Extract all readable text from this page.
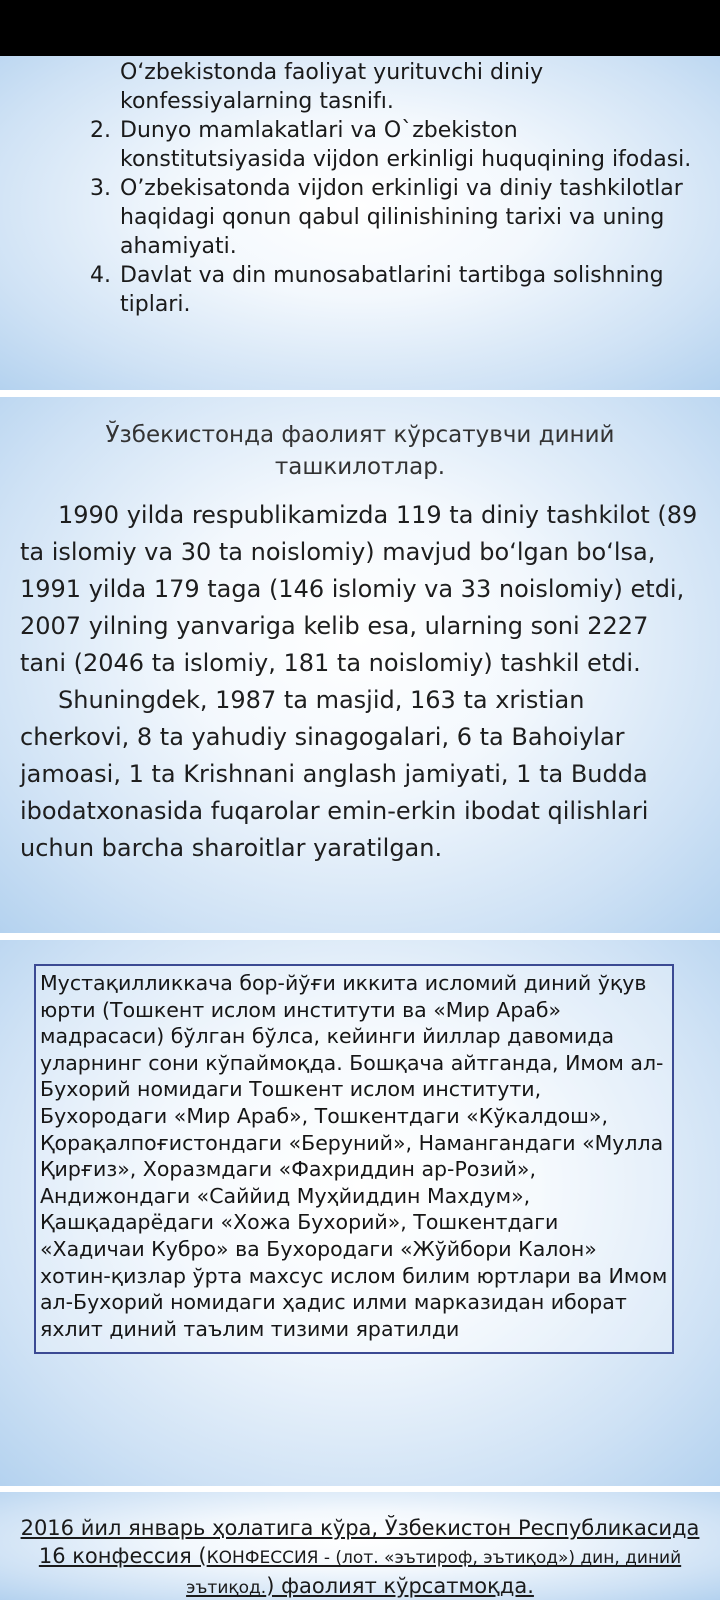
O‘zbekistonda faoliyat yurituvchi diniy konfessiyalarning tasnifı.

2. Dunyo mamlakatlari va O`zbekiston konstitutsiyasida vijdon erkinligi huquqining ifodasi.

3. O’zbekisatonda vijdon erkinligi va diniy tashkilotlar haqidagi qonun qabul qilinishining tarixi va uning ahamiyati.

4. Davlat va din munosabatlarini tartibga solishning tiplari.

Ўзбекистонда фаолият кўрсатувчи диний ташкилотлар.

1990 yilda respublikamizda 119 ta diniy tashkilot (89 ta islomiy va 30 ta noislomiy) mavjud bo‘lgan bo‘lsa, 1991 yilda 179 taga (146 islomiy va 33 noislomiy) etdi, 2007 yilning yanvariga kelib esa, ularning soni 2227 tani (2046 ta islomiy, 181 ta noislomiy) tashkil etdi.

Shuningdek, 1987 ta masjid, 163 ta xristian cherkovi, 8 ta yahudiy sinagogalari, 6 ta Bahoiylar jamoasi, 1 ta Krishnani anglash jamiyati, 1 ta Budda ibodatxonasida fuqarolar emin-erkin ibodat qilishlari uchun barcha sharoitlar yaratilgan.

Мустақилликкача бор-йўғи иккита исломий диний ўқув юрти (Тошкент ислом институти ва «Мир Араб» мадрасаси) бўлган бўлса, кейинги йиллар давомида уларнинг сони кўпаймоқда. Бошқача айтганда, Имом ал-Бухорий номидаги Тошкент ислом институти, Бухородаги «Мир Араб», Тошкентдаги «Кўкалдош», Қорақалпоғистондаги «Беруний», Намангандаги «Мулла Қирғиз», Хоразмдаги «Фахриддин ар-Розий», Андижондаги «Саййид Муҳйиддин Махдум», Қашқадарёдаги «Хожа Бухорий», Тошкентдаги «Хадичаи Кубро» ва Бухородаги «Жўйбори Калон» хотин-қизлар ўрта махсус ислом билим юртлари ва Имом ал-Бухорий номидаги ҳадис илми марказидан иборат яхлит диний таълим тизими яратилди
2016 йил январь ҳолатига кўра, Ўзбекистон Республикасида 16 конфессия (КОНФЕССИЯ - (лот. «эътироф, эътиқод») дин, диний эътиқод.) фаолият кўрсатмоқда.
